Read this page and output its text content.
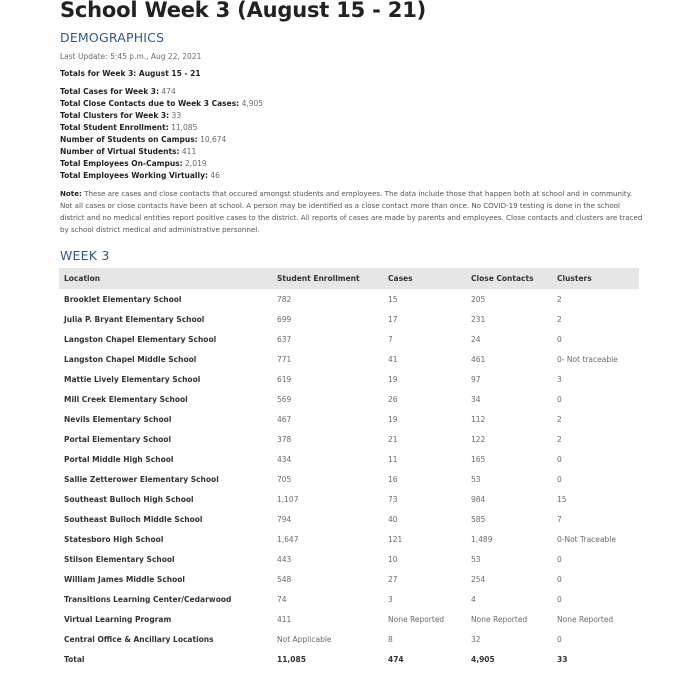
School Week 3 (August 15 - 21)
DEMOGRAPHICS
Last Update: 5:45 p.m., Aug 22, 2021
Totals for Week 3: August 15 - 21
Total Cases for Week 3: 474
Total Close Contacts due to Week 3 Cases: 4,905
Total Clusters for Week 3: 33
Total Student Enrollment: 11,085
Number of Students on Campus: 10,674
Number of Virtual Students: 411
Total Employees On-Campus: 2,019
Total Employees Working Virtually: 46
Note: These are cases and close contacts that occured amongst students and employees. The data include those that happen both at school and in community. Not all cases or close contacts have been at school. A person may be identified as a close contact more than once. No COVID-19 testing is done in the school district and no medical entities report positive cases to the district. All reports of cases are made by parents and employees. Close contacts and clusters are traced by school district medical and administrative personnel.
WEEK 3
Location	Student Enrollment	Cases	Close Contacts	Clusters
Brooklet Elementary School	782	15	205	2
Julia P. Bryant Elementary School	699	17	231	2
Langston Chapel Elementary School	637	7	24	0
Langston Chapel Middle School	771	41	461	0- Not traceable
Mattie Lively Elementary School	619	19	97	3
Mill Creek Elementary School	569	26	34	0
Nevils Elementary School	467	19	112	2
Portal Elementary School	378	21	122	2
Portal Middle High School	434	11	165	0
Sallie Zetterower Elementary School	705	16	53	0
Southeast Bulloch High School	1,107	73	984	15
Southeast Bulloch Middle School	794	40	585	7
Statesboro High School	1,647	121	1,489	0-Not Traceable
Stilson Elementary School	443	10	53	0
William James Middle School	548	27	254	0
Transitions Learning Center/Cedarwood	74	3	4	0
Virtual Learning Program	411	None Reported	None Reported	None Reported
Central Office & Ancillary Locations	Not Applicable	8	32	0
Total	11,085	474	4,905	33
